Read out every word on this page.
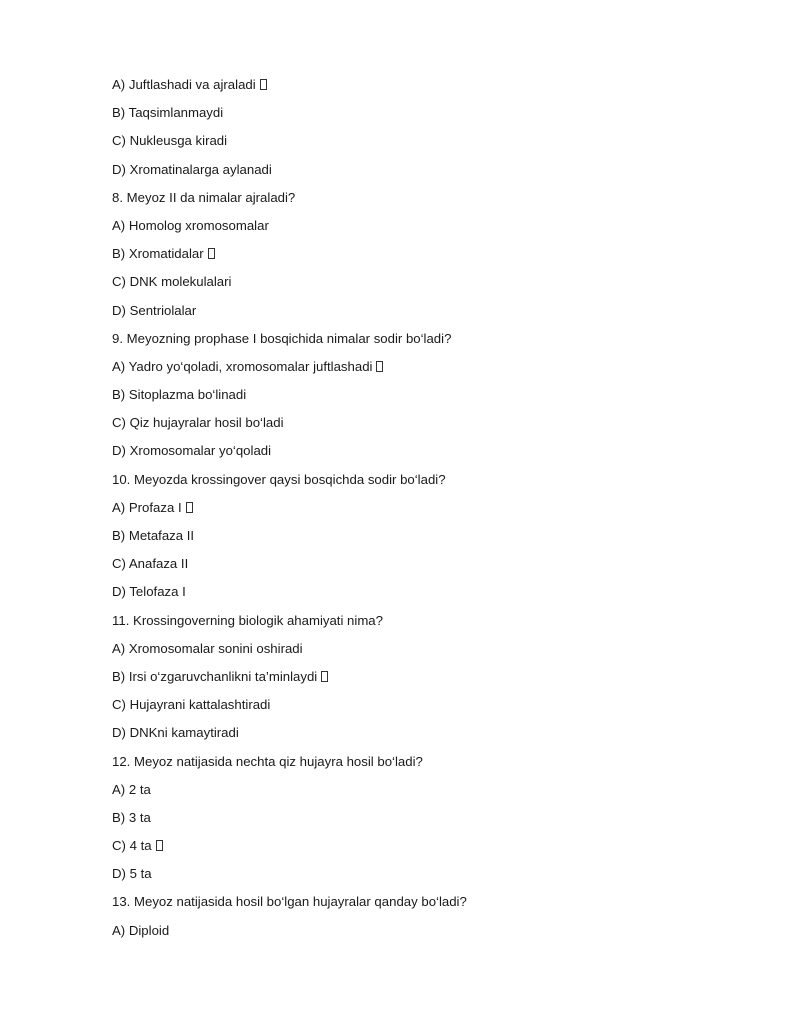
A) Juftlashadi va ajraladi
B) Taqsimlanmaydi
C) Nukleusga kiradi
D) Xromatinalarga aylanadi
8. Meyoz II da nimalar ajraladi?
A) Homolog xromosomalar
B) Xromatidalar
C) DNK molekulalari
D) Sentriolalar
9. Meyozning prophase I bosqichida nimalar sodir bo‘ladi?
A) Yadro yo‘qoladi, xromosomalar juftlashadi
B) Sitoplazma bo‘linadi
C) Qiz hujayralar hosil bo‘ladi
D) Xromosomalar yo‘qoladi
10. Meyozda krossingover qaysi bosqichda sodir bo‘ladi?
A) Profaza I
B) Metafaza II
C) Anafaza II
D) Telofaza I
11. Krossingoverning biologik ahamiyati nima?
A) Xromosomalar sonini oshiradi
B) Irsi o‘zgaruvchanlikni ta’minlaydi
C) Hujayrani kattalashtiradi
D) DNKni kamaytiradi
12. Meyoz natijasida nechta qiz hujayra hosil bo‘ladi?
A) 2 ta
B) 3 ta
C) 4 ta
D) 5 ta
13. Meyoz natijasida hosil bo‘lgan hujayralar qanday bo‘ladi?
A) Diploid
